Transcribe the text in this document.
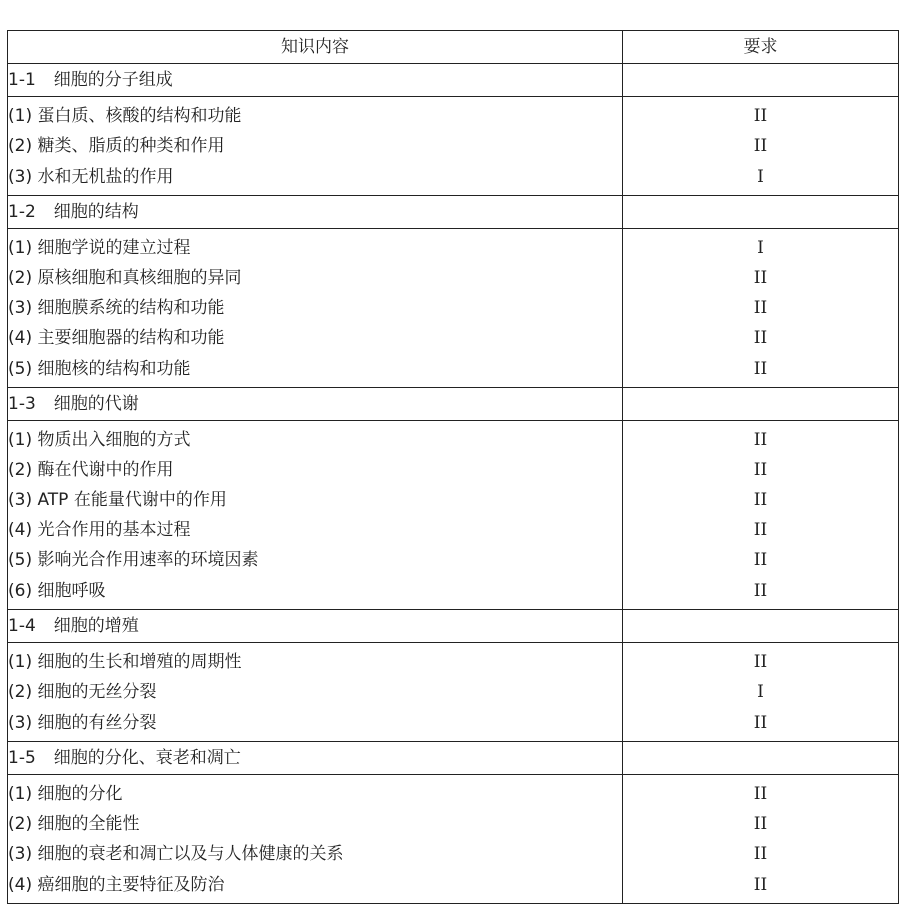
知识内容	要求
1-1 细胞的分子组成	
(1) 蛋白质、核酸的结构和功能	II
(2) 糖类、脂质的种类和作用	II
(3) 水和无机盐的作用	I
1-2 细胞的结构	
(1) 细胞学说的建立过程	I
(2) 原核细胞和真核细胞的异同	II
(3) 细胞膜系统的结构和功能	II
(4) 主要细胞器的结构和功能	II
(5) 细胞核的结构和功能	II
1-3 细胞的代谢	
(1) 物质出入细胞的方式	II
(2) 酶在代谢中的作用	II
(3) ATP 在能量代谢中的作用	II
(4) 光合作用的基本过程	II
(5) 影响光合作用速率的环境因素	II
(6) 细胞呼吸	II
1-4 细胞的增殖	
(1) 细胞的生长和增殖的周期性	II
(2) 细胞的无丝分裂	I
(3) 细胞的有丝分裂	II
1-5 细胞的分化、衰老和凋亡	
(1) 细胞的分化	II
(2) 细胞的全能性	II
(3) 细胞的衰老和凋亡以及与人体健康的关系	II
(4) 癌细胞的主要特征及防治	II
